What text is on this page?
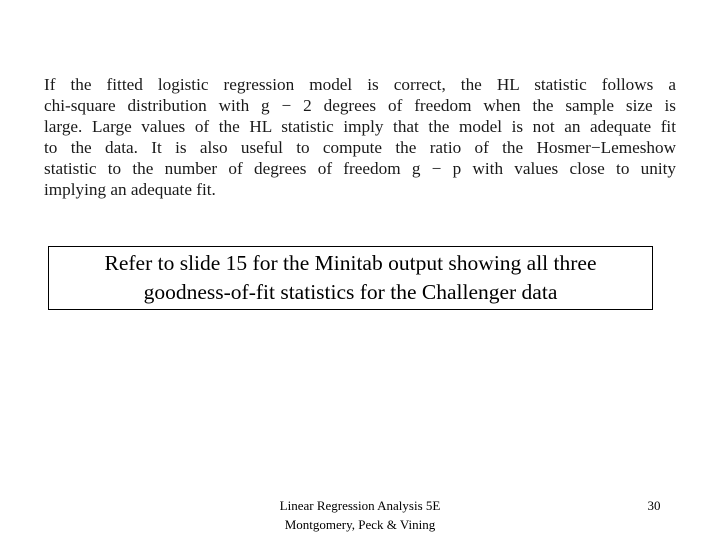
If the fitted logistic regression model is correct, the HL statistic follows a
chi-square distribution with g − 2 degrees of freedom when the sample size is
large. Large values of the HL statistic imply that the model is not an adequate fit
to the data. It is also useful to compute the ratio of the Hosmer−Lemeshow
statistic to the number of degrees of freedom g − p with values close to unity
implying an adequate fit.
Refer to slide 15 for the Minitab output showing all three
goodness-of-fit statistics for the Challenger data
Linear Regression Analysis 5E
Montgomery, Peck & Vining
30
